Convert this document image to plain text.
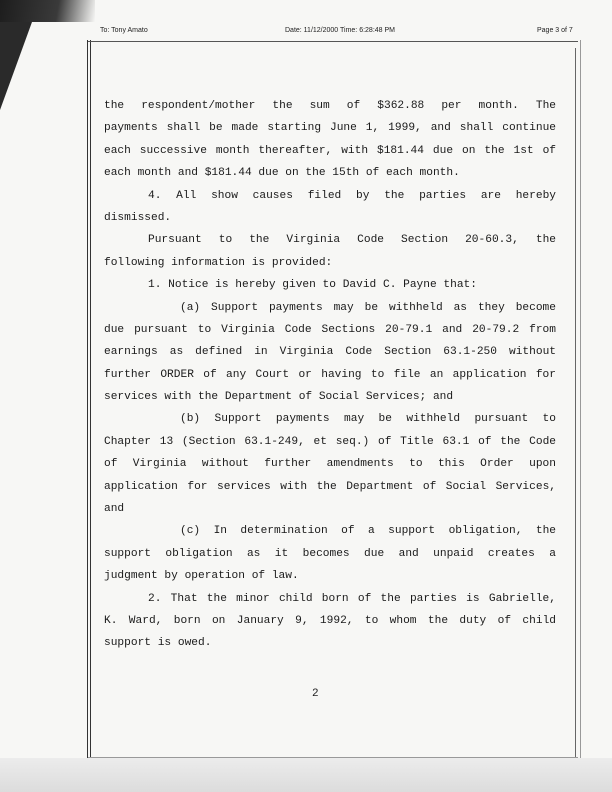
To: Tony Amato	Date: 11/12/2000 Time: 6:28:48 PM	Page 3 of 7
the respondent/mother the sum of $362.88 per month. The
payments shall be made starting June 1, 1999, and shall continue
each successive month thereafter, with $181.44 due on the 1st of
each month and $181.44 due on the 15th of each month.
4. All show causes filed by the parties are hereby
dismissed.
Pursuant to the Virginia Code Section 20-60.3, the
following information is provided:
1. Notice is hereby given to David C. Payne that:
(a) Support payments may be withheld as they become
due pursuant to Virginia Code Sections 20-79.1 and 20-79.2 from
earnings as defined in Virginia Code Section 63.1-250 without
further ORDER of any Court or having to file an application for
services with the Department of Social Services; and
(b) Support payments may be withheld pursuant to
Chapter 13 (Section 63.1-249, et seq.) of Title 63.1 of the Code
of Virginia without further amendments to this Order upon
application for services with the Department of Social Services,
and
(c) In determination of a support obligation, the
support obligation as it becomes due and unpaid creates a
judgment by operation of law.
2. That the minor child born of the parties is Gabrielle,
K. Ward, born on January 9, 1992, to whom the duty of child
support is owed.
2
